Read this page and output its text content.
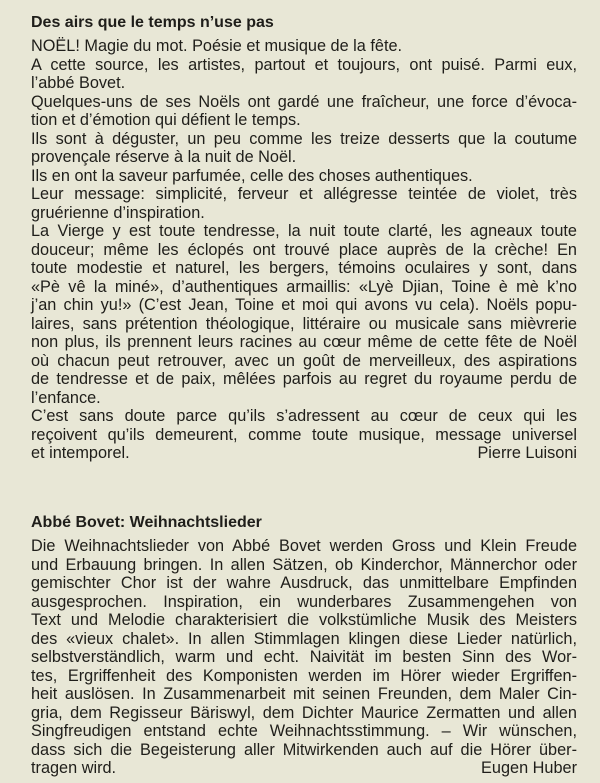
Des airs que le temps n’use pas
NOËL! Magie du mot. Poésie et musique de la fête.
A cette source, les artistes, partout et toujours, ont puisé. Parmi eux,
l’abbé Bovet.
Quelques-uns de ses Noëls ont gardé une fraîcheur, une force d’évoca-
tion et d’émotion qui défient le temps.
Ils sont à déguster, un peu comme les treize desserts que la coutume
provençale réserve à la nuit de Noël.
Ils en ont la saveur parfumée, celle des choses authentiques.
Leur message: simplicité, ferveur et allégresse teintée de violet, très
gruérienne d’inspiration.
La Vierge y est toute tendresse, la nuit toute clarté, les agneaux toute
douceur; même les éclopés ont trouvé place auprès de la crèche! En
toute modestie et naturel, les bergers, témoins oculaires y sont, dans
«Pè vê la miné», d’authentiques armaillis: «Lyè Djian, Toine è mè k’no
j’an chin yu!» (C’est Jean, Toine et moi qui avons vu cela). Noëls popu-
laires, sans prétention théologique, littéraire ou musicale sans mièvrerie
non plus, ils prennent leurs racines au cœur même de cette fête de Noël
où chacun peut retrouver, avec un goût de merveilleux, des aspirations
de tendresse et de paix, mêlées parfois au regret du royaume perdu de
l’enfance.
C’est sans doute parce qu’ils s’adressent au cœur de ceux qui les
reçoivent qu’ils demeurent, comme toute musique, message universel
et intemporel.	Pierre Luisoni
Abbé Bovet: Weihnachtslieder
Die Weihnachtslieder von Abbé Bovet werden Gross und Klein Freude
und Erbauung bringen. In allen Sätzen, ob Kinderchor, Männerchor oder
gemischter Chor ist der wahre Ausdruck, das unmittelbare Empfinden
ausgesprochen. Inspiration, ein wunderbares Zusammengehen von
Text und Melodie charakterisiert die volkstümliche Musik des Meisters
des «vieux chalet». In allen Stimmlagen klingen diese Lieder natürlich,
selbstverständlich, warm und echt. Naivität im besten Sinn des Wor-
tes, Ergriffenheit des Komponisten werden im Hörer wieder Ergriffen-
heit auslösen. In Zusammenarbeit mit seinen Freunden, dem Maler Cin-
gria, dem Regisseur Bäriswyl, dem Dichter Maurice Zermatten und allen
Singfreudigen entstand echte Weihnachtsstimmung. – Wir wünschen,
dass sich die Begeisterung aller Mitwirkenden auch auf die Hörer über-
tragen wird.	Eugen Huber
